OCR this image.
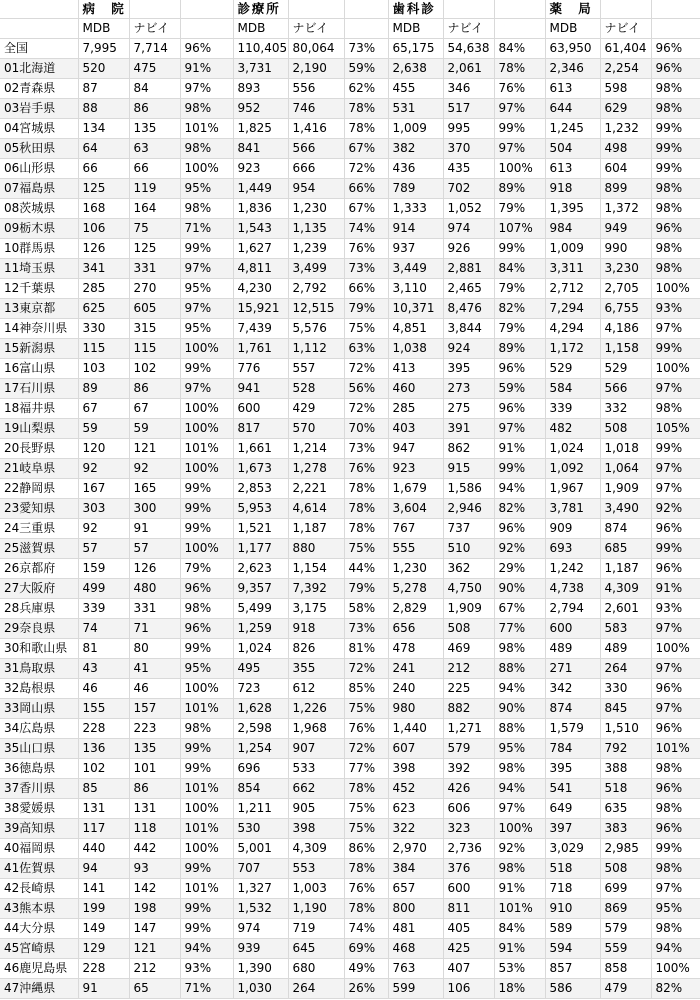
	病　院			診療所			歯科診			薬　局		
	MDB	ナビイ		MDB	ナビイ		MDB	ナビイ		MDB	ナビイ	
全国	7,995	7,714	96%	110,405	80,064	73%	65,175	54,638	84%	63,950	61,404	96%
01北海道	520	475	91%	3,731	2,190	59%	2,638	2,061	78%	2,346	2,254	96%
02青森県	87	84	97%	893	556	62%	455	346	76%	613	598	98%
03岩手県	88	86	98%	952	746	78%	531	517	97%	644	629	98%
04宮城県	134	135	101%	1,825	1,416	78%	1,009	995	99%	1,245	1,232	99%
05秋田県	64	63	98%	841	566	67%	382	370	97%	504	498	99%
06山形県	66	66	100%	923	666	72%	436	435	100%	613	604	99%
07福島県	125	119	95%	1,449	954	66%	789	702	89%	918	899	98%
08茨城県	168	164	98%	1,836	1,230	67%	1,333	1,052	79%	1,395	1,372	98%
09栃木県	106	75	71%	1,543	1,135	74%	914	974	107%	984	949	96%
10群馬県	126	125	99%	1,627	1,239	76%	937	926	99%	1,009	990	98%
11埼玉県	341	331	97%	4,811	3,499	73%	3,449	2,881	84%	3,311	3,230	98%
12千葉県	285	270	95%	4,230	2,792	66%	3,110	2,465	79%	2,712	2,705	100%
13東京都	625	605	97%	15,921	12,515	79%	10,371	8,476	82%	7,294	6,755	93%
14神奈川県	330	315	95%	7,439	5,576	75%	4,851	3,844	79%	4,294	4,186	97%
15新潟県	115	115	100%	1,761	1,112	63%	1,038	924	89%	1,172	1,158	99%
16富山県	103	102	99%	776	557	72%	413	395	96%	529	529	100%
17石川県	89	86	97%	941	528	56%	460	273	59%	584	566	97%
18福井県	67	67	100%	600	429	72%	285	275	96%	339	332	98%
19山梨県	59	59	100%	817	570	70%	403	391	97%	482	508	105%
20長野県	120	121	101%	1,661	1,214	73%	947	862	91%	1,024	1,018	99%
21岐阜県	92	92	100%	1,673	1,278	76%	923	915	99%	1,092	1,064	97%
22静岡県	167	165	99%	2,853	2,221	78%	1,679	1,586	94%	1,967	1,909	97%
23愛知県	303	300	99%	5,953	4,614	78%	3,604	2,946	82%	3,781	3,490	92%
24三重県	92	91	99%	1,521	1,187	78%	767	737	96%	909	874	96%
25滋賀県	57	57	100%	1,177	880	75%	555	510	92%	693	685	99%
26京都府	159	126	79%	2,623	1,154	44%	1,230	362	29%	1,242	1,187	96%
27大阪府	499	480	96%	9,357	7,392	79%	5,278	4,750	90%	4,738	4,309	91%
28兵庫県	339	331	98%	5,499	3,175	58%	2,829	1,909	67%	2,794	2,601	93%
29奈良県	74	71	96%	1,259	918	73%	656	508	77%	600	583	97%
30和歌山県	81	80	99%	1,024	826	81%	478	469	98%	489	489	100%
31鳥取県	43	41	95%	495	355	72%	241	212	88%	271	264	97%
32島根県	46	46	100%	723	612	85%	240	225	94%	342	330	96%
33岡山県	155	157	101%	1,628	1,226	75%	980	882	90%	874	845	97%
34広島県	228	223	98%	2,598	1,968	76%	1,440	1,271	88%	1,579	1,510	96%
35山口県	136	135	99%	1,254	907	72%	607	579	95%	784	792	101%
36徳島県	102	101	99%	696	533	77%	398	392	98%	395	388	98%
37香川県	85	86	101%	854	662	78%	452	426	94%	541	518	96%
38愛媛県	131	131	100%	1,211	905	75%	623	606	97%	649	635	98%
39高知県	117	118	101%	530	398	75%	322	323	100%	397	383	96%
40福岡県	440	442	100%	5,001	4,309	86%	2,970	2,736	92%	3,029	2,985	99%
41佐賀県	94	93	99%	707	553	78%	384	376	98%	518	508	98%
42長崎県	141	142	101%	1,327	1,003	76%	657	600	91%	718	699	97%
43熊本県	199	198	99%	1,532	1,190	78%	800	811	101%	910	869	95%
44大分県	149	147	99%	974	719	74%	481	405	84%	589	579	98%
45宮崎県	129	121	94%	939	645	69%	468	425	91%	594	559	94%
46鹿児島県	228	212	93%	1,390	680	49%	763	407	53%	857	858	100%
47沖縄県	91	65	71%	1,030	264	26%	599	106	18%	586	479	82%
